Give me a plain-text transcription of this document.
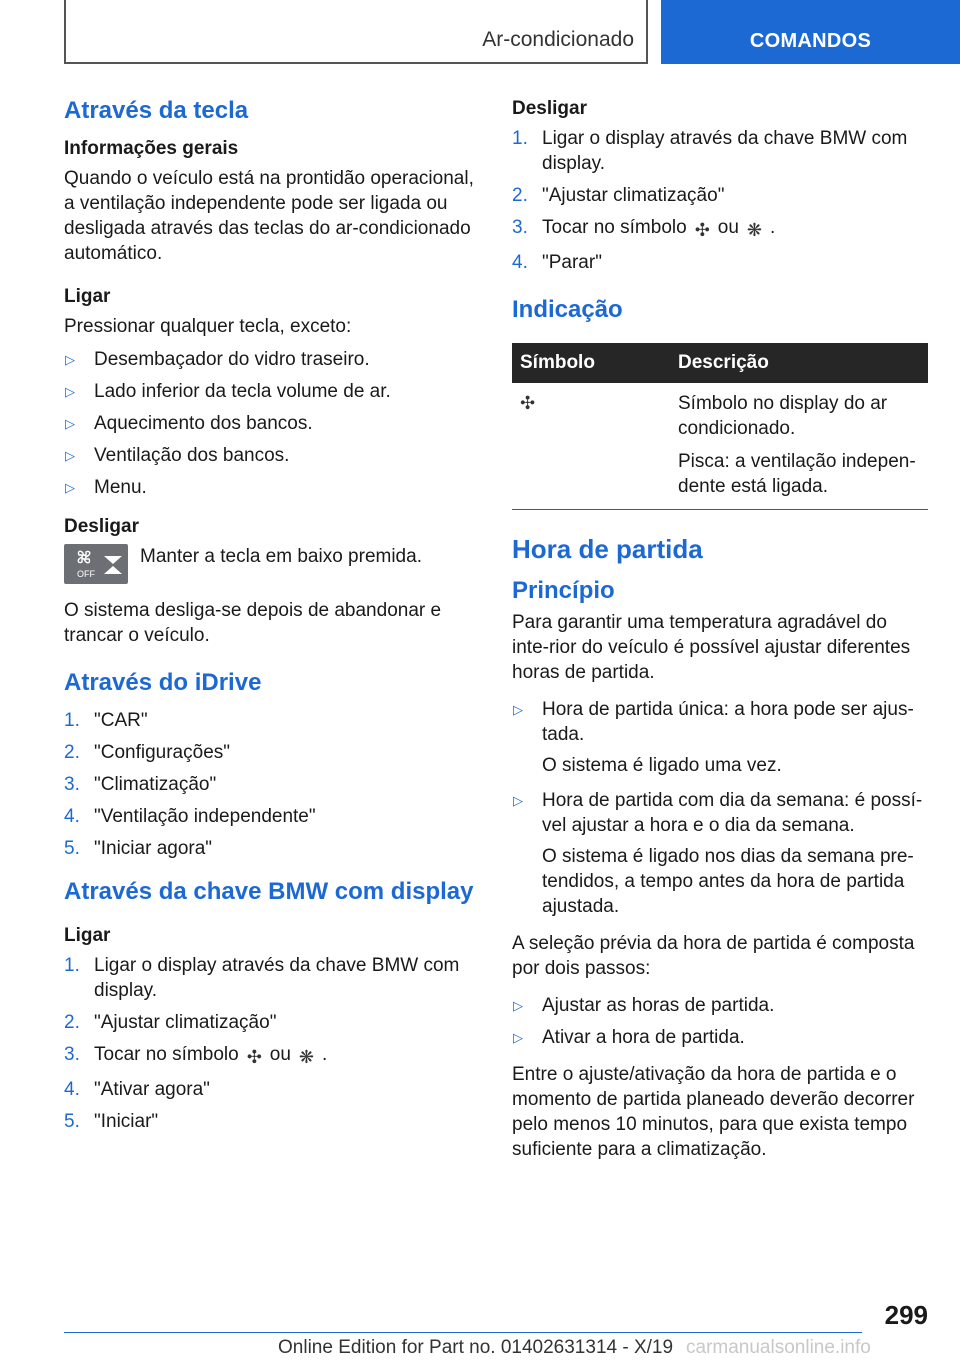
Ar-condicionado	COMANDOS
Através da tecla
Informações gerais

Quando o veículo está na prontidão operacional, a ventilação independente pode ser ligada ou desligada através das teclas do ar-condicionado automático.

Ligar

Pressionar qualquer tecla, exceto:

▷ Desembaçador do vidro traseiro.
▷ Lado inferior da tecla volume de ar.
▷ Aquecimento dos bancos.
▷ Ventilação dos bancos.
▷ Menu.
Desligar
OFF
Manter a tecla em baixo premida.

O sistema desliga-se depois de abandonar e trancar o veículo.

Através do iDrive
1. "CAR"
2. "Configurações"
3. "Climatização"
4. "Ventilação independente"
5. "Iniciar agora"
Através da chave BMW com display
Ligar
1. Ligar o display através da chave BMW com display.
2. "Ajustar climatização"
3. Tocar no símbolo ✣ ou ❋ .
4. "Ativar agora"
5. "Iniciar"
Desligar
1. Ligar o display através da chave BMW com display.
2. "Ajustar climatização"
3. Tocar no símbolo ✣ ou ❋ .
4. "Parar"
Indicação
Símbolo	Descrição
✣	Símbolo no display do ar condicionado.
Pisca: a ventilação indepen-dente está ligada.
Hora de partida
Princípio

Para garantir uma temperatura agradável do inte-rior do veículo é possível ajustar diferentes horas de partida.

▷ Hora de partida única: a hora pode ser ajus-tada.

O sistema é ligado uma vez.

▷ Hora de partida com dia da semana: é possí-vel ajustar a hora e o dia da semana.

O sistema é ligado nos dias da semana pre-tendidos, a tempo antes da hora de partida ajustada.

A seleção prévia da hora de partida é composta por dois passos:

▷ Ajustar as horas de partida.
▷ Ativar a hora de partida.

Entre o ajuste/ativação da hora de partida e o momento de partida planeado deverão decorrer pelo menos 10 minutos, para que exista tempo suficiente para a climatização.

299
Online Edition for Part no. 01402631314 - X/19 carmanualsonline.info
